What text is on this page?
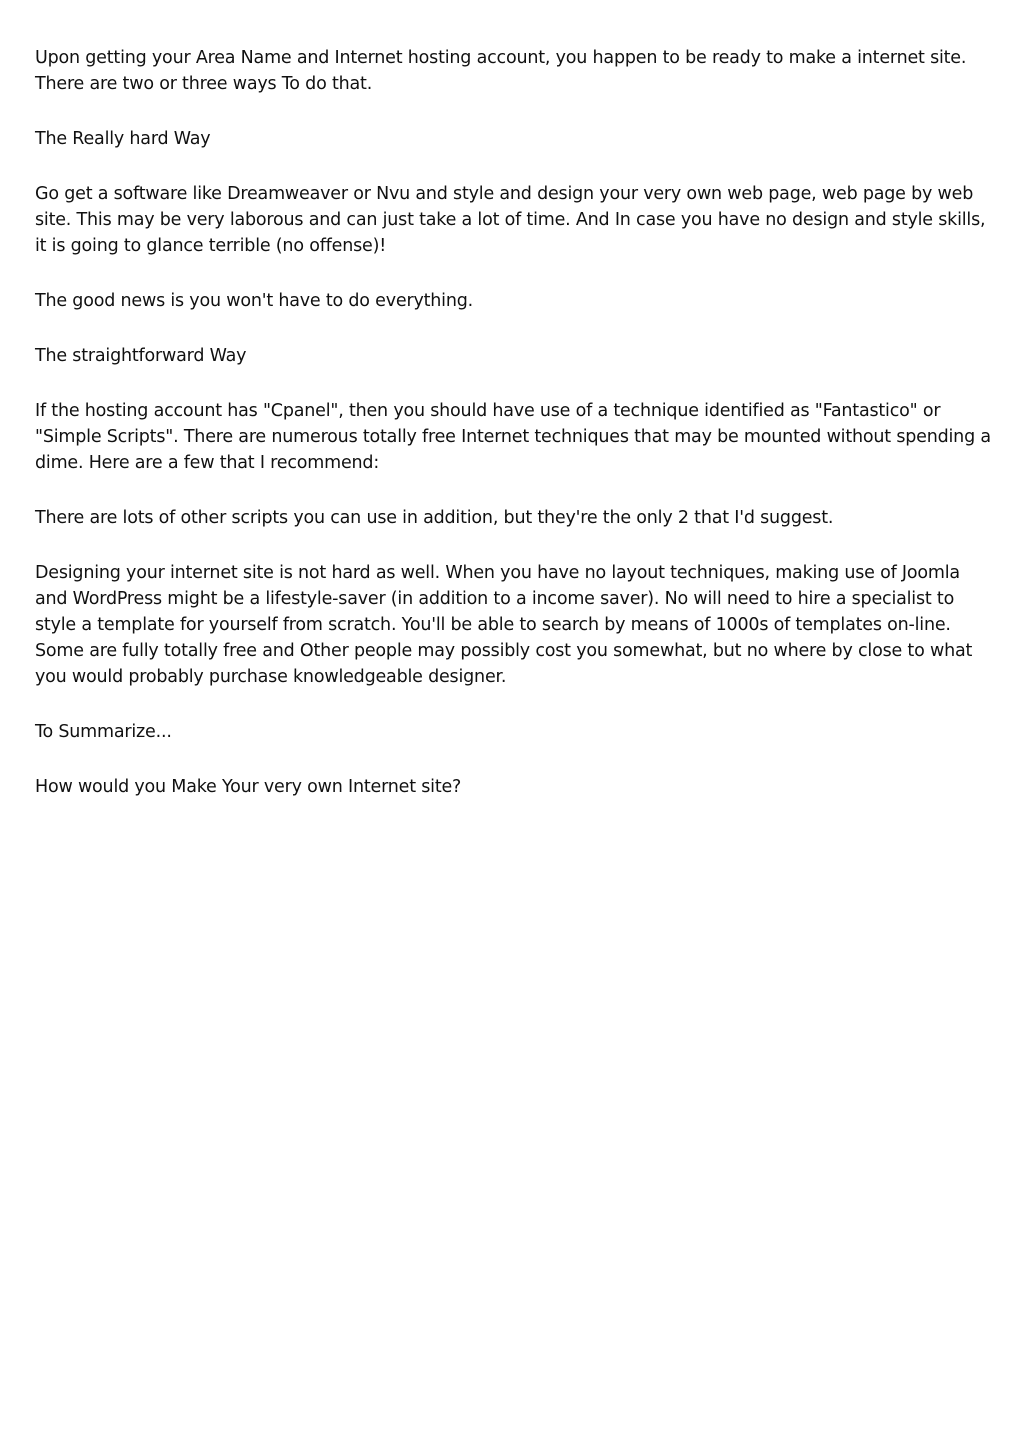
Upon getting your Area Name and Internet hosting account, you happen to be ready to make a internet site. There are two or three ways To do that.

The Really hard Way

Go get a software like Dreamweaver or Nvu and style and design your very own web page, web page by web site. This may be very laborous and can just take a lot of time. And In case you have no design and style skills, it is going to glance terrible (no offense)!

The good news is you won't have to do everything.

The straightforward Way

If the hosting account has "Cpanel", then you should have use of a technique identified as "Fantastico" or "Simple Scripts". There are numerous totally free Internet techniques that may be mounted without spending a dime. Here are a few that I recommend:

There are lots of other scripts you can use in addition, but they're the only 2 that I'd suggest.

Designing your internet site is not hard as well. When you have no layout techniques, making use of Joomla and WordPress might be a lifestyle-saver (in addition to a income saver). No will need to hire a specialist to style a template for yourself from scratch. You'll be able to search by means of 1000s of templates on-line. Some are fully totally free and Other people may possibly cost you somewhat, but no where by close to what you would probably purchase knowledgeable designer.

To Summarize...

How would you Make Your very own Internet site?
